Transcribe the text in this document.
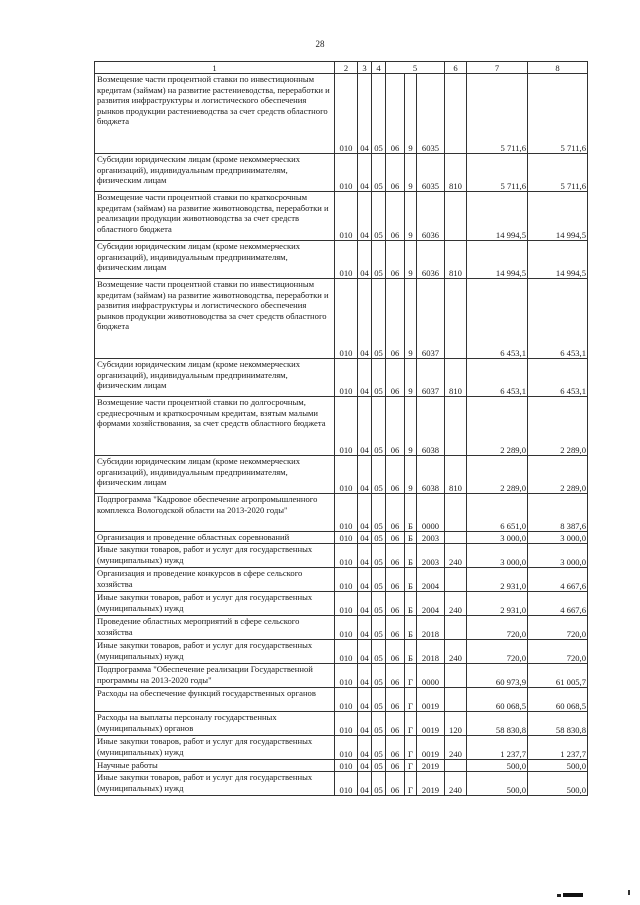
28
1	2	3	4	5			6	7	8
Возмещение части процентной ставки по инвестиционным кредитам (займам) на развитие растениеводства, переработки и развития инфраструктуры и логистического обеспечения рынков продукции растениеводства за счет средств областного бюджета	010	04	05	06	9	6035		5 711,6	5 711,6
Субсидии юридическим лицам (кроме некоммерческих организаций), индивидуальным предпринимателям, физическим лицам	010	04	05	06	9	6035	810	5 711,6	5 711,6
Возмещение части процентной ставки по краткосрочным кредитам (займам) на развитие животноводства, переработки и реализации продукции животноводства за счет средств областного бюджета	010	04	05	06	9	6036		14 994,5	14 994,5
Субсидии юридическим лицам (кроме некоммерческих организаций), индивидуальным предпринимателям, физическим лицам	010	04	05	06	9	6036	810	14 994,5	14 994,5
Возмещение части процентной ставки по инвестиционным кредитам (займам) на развитие животноводства, переработки и развития инфраструктуры и логистического обеспечения рынков продукции животноводства за счет средств областного бюджета	010	04	05	06	9	6037		6 453,1	6 453,1
Субсидии юридическим лицам (кроме некоммерческих организаций), индивидуальным предпринимателям, физическим лицам	010	04	05	06	9	6037	810	6 453,1	6 453,1
Возмещение части процентной ставки по долгосрочным, среднесрочным и краткосрочным кредитам, взятым малыми формами хозяйствования, за счет средств областного бюджета	010	04	05	06	9	6038		2 289,0	2 289,0
Субсидии юридическим лицам (кроме некоммерческих организаций), индивидуальным предпринимателям, физическим лицам	010	04	05	06	9	6038	810	2 289,0	2 289,0
Подпрограмма "Кадровое обеспечение агропромышленного комплекса Вологодской области на 2013-2020 годы"	010	04	05	06	Б	0000		6 651,0	8 387,6
Организация и проведение областных соревнований	010	04	05	06	Б	2003		3 000,0	3 000,0
Иные закупки товаров, работ и услуг для государственных (муниципальных) нужд	010	04	05	06	Б	2003	240	3 000,0	3 000,0
Организация и проведение конкурсов в сфере сельского хозяйства	010	04	05	06	Б	2004		2 931,0	4 667,6
Иные закупки товаров, работ и услуг для государственных (муниципальных) нужд	010	04	05	06	Б	2004	240	2 931,0	4 667,6
Проведение областных мероприятий в сфере сельского хозяйства	010	04	05	06	Б	2018		720,0	720,0
Иные закупки товаров, работ и услуг для государственных (муниципальных) нужд	010	04	05	06	Б	2018	240	720,0	720,0
Подпрограмма "Обеспечение реализации Государственной программы на 2013-2020 годы"	010	04	05	06	Г	0000		60 973,9	61 005,7
Расходы на обеспечение функций государственных органов	010	04	05	06	Г	0019		60 068,5	60 068,5
Расходы на выплаты персоналу государственных (муниципальных) органов	010	04	05	06	Г	0019	120	58 830,8	58 830,8
Иные закупки товаров, работ и услуг для государственных (муниципальных) нужд	010	04	05	06	Г	0019	240	1 237,7	1 237,7
Научные работы	010	04	05	06	Г	2019		500,0	500,0
Иные закупки товаров, работ и услуг для государственных (муниципальных) нужд	010	04	05	06	Г	2019	240	500,0	500,0
